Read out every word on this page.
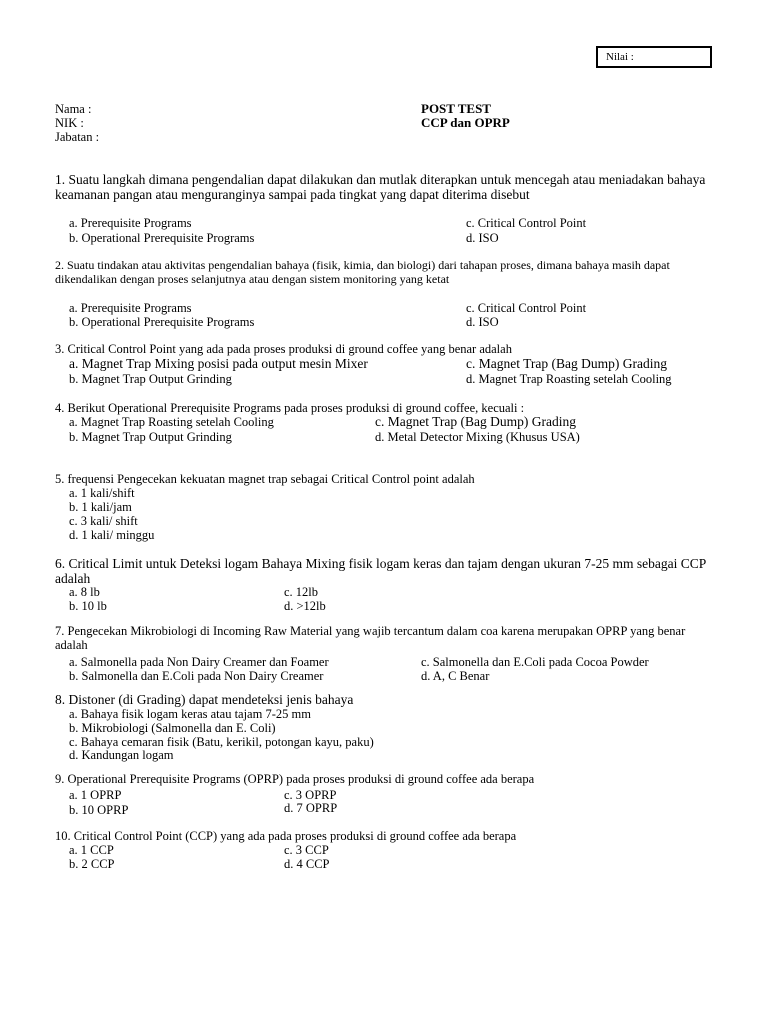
Nilai :
Nama :
NIK :
Jabatan :
POST TEST
CCP dan OPRP
1. Suatu langkah dimana pengendalian dapat dilakukan dan mutlak diterapkan untuk mencegah atau meniadakan bahaya keamanan pangan atau menguranginya sampai pada tingkat yang dapat diterima disebut
a. Prerequisite Programs
b. Operational Prerequisite Programs
c. Critical Control Point
d. ISO
2. Suatu tindakan atau aktivitas pengendalian bahaya (fisik, kimia, dan biologi) dari tahapan proses, dimana bahaya masih dapat dikendalikan dengan proses selanjutnya atau dengan sistem monitoring yang ketat
a. Prerequisite Programs
b. Operational Prerequisite Programs
c. Critical Control Point
d. ISO
3. Critical Control Point yang ada pada proses produksi di ground coffee yang benar adalah
a. Magnet Trap Mixing posisi pada output mesin Mixer
b. Magnet Trap Output Grinding
c. Magnet Trap (Bag Dump) Grading
d. Magnet Trap Roasting setelah Cooling
4. Berikut Operational Prerequisite Programs pada proses produksi di ground coffee, kecuali :
a. Magnet Trap Roasting setelah Cooling
b. Magnet Trap Output Grinding
c. Magnet Trap (Bag Dump) Grading
d. Metal Detector Mixing (Khusus USA)
5. frequensi Pengecekan kekuatan magnet trap sebagai Critical Control point adalah
a. 1 kali/shift
b. 1 kali/jam
c. 3 kali/ shift
d. 1 kali/ minggu
6. Critical Limit untuk Deteksi logam Bahaya Mixing fisik logam keras dan tajam dengan ukuran 7-25 mm sebagai CCP adalah
a. 8 lb
b. 10 lb
c. 12lb
d. >12lb
7. Pengecekan Mikrobiologi di Incoming Raw Material yang wajib tercantum dalam coa karena merupakan OPRP yang benar adalah
a. Salmonella pada Non Dairy Creamer dan Foamer
b. Salmonella dan E.Coli pada Non Dairy Creamer
c. Salmonella dan E.Coli pada Cocoa Powder
d. A, C Benar
8. Distoner (di Grading) dapat mendeteksi jenis bahaya
a. Bahaya fisik logam keras atau tajam 7-25 mm
b. Mikrobiologi (Salmonella dan E. Coli)
c. Bahaya cemaran fisik (Batu, kerikil, potongan kayu, paku)
d. Kandungan logam
9. Operational Prerequisite Programs (OPRP) pada proses produksi di ground coffee ada berapa
a. 1 OPRP
b. 10 OPRP
c. 3 OPRP
d. 7 OPRP
10. Critical Control Point (CCP) yang ada pada proses produksi di ground coffee ada berapa
a. 1 CCP
b. 2 CCP
c. 3 CCP
d. 4 CCP
